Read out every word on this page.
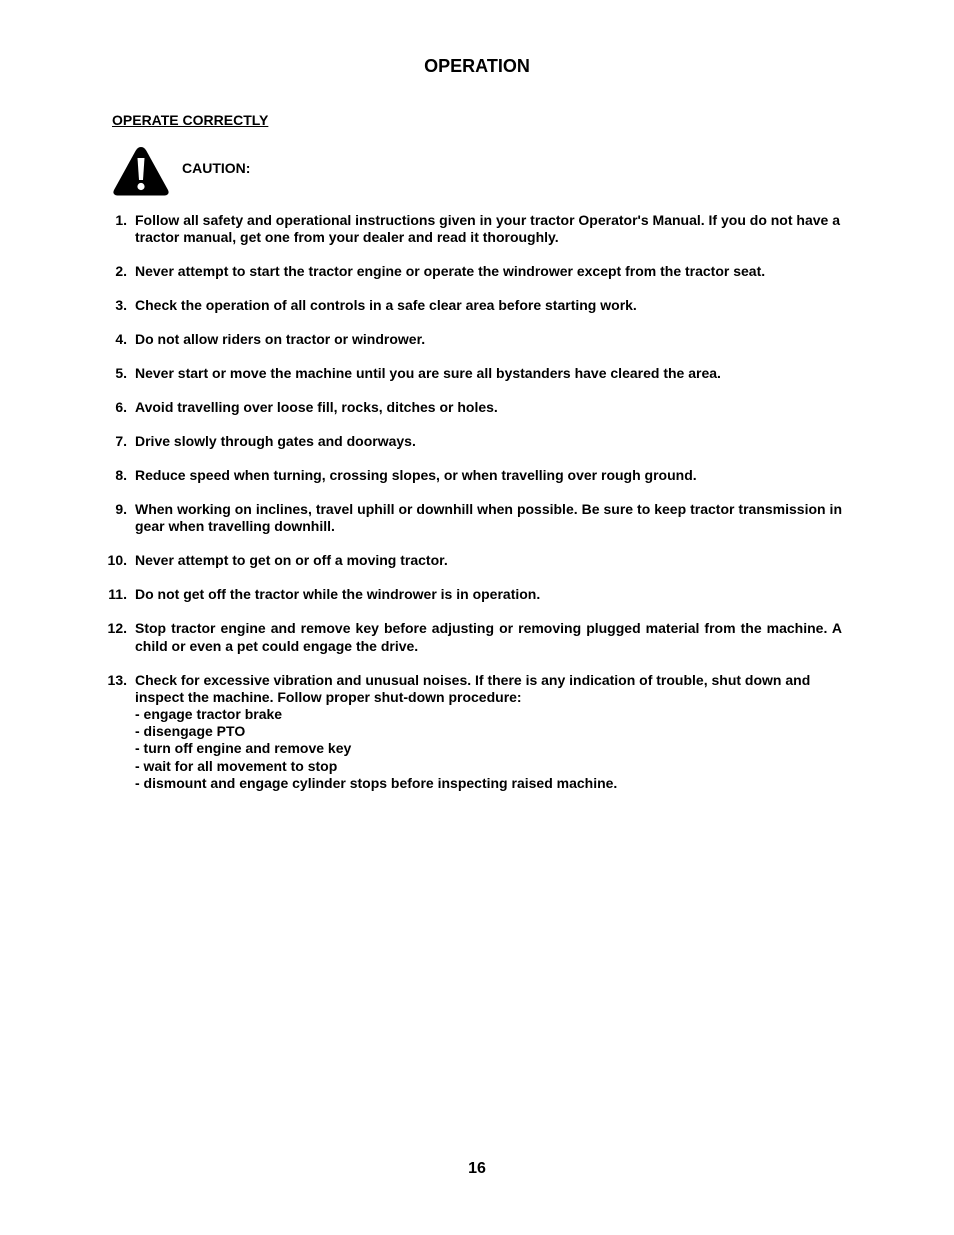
OPERATION
OPERATE CORRECTLY
CAUTION:
1. Follow all safety and operational instructions given in your tractor Operator's Manual. If you do not have a tractor manual, get one from your dealer and read it thoroughly.
2. Never attempt to start the tractor engine or operate the windrower except from the tractor seat.
3. Check the operation of all controls in a safe clear area before starting work.
4. Do not allow riders on tractor or windrower.
5. Never start or move the machine until you are sure all bystanders have cleared the area.
6. Avoid travelling over loose fill, rocks, ditches or holes.
7. Drive slowly through gates and doorways.
8. Reduce speed when turning, crossing slopes, or when travelling over rough ground.
9. When working on inclines, travel uphill or downhill when possible. Be sure to keep tractor transmission in gear when travelling downhill.
10. Never attempt to get on or off a moving tractor.
11. Do not get off the tractor while the windrower is in operation.
12. Stop tractor engine and remove key before adjusting or removing plugged material from the machine. A child or even a pet could engage the drive.
13. Check for excessive vibration and unusual noises. If there is any indication of trouble, shut down and inspect the machine. Follow proper shut-down procedure:
- engage tractor brake
- disengage PTO
- turn off engine and remove key
- wait for all movement to stop
- dismount and engage cylinder stops before inspecting raised machine.
16
